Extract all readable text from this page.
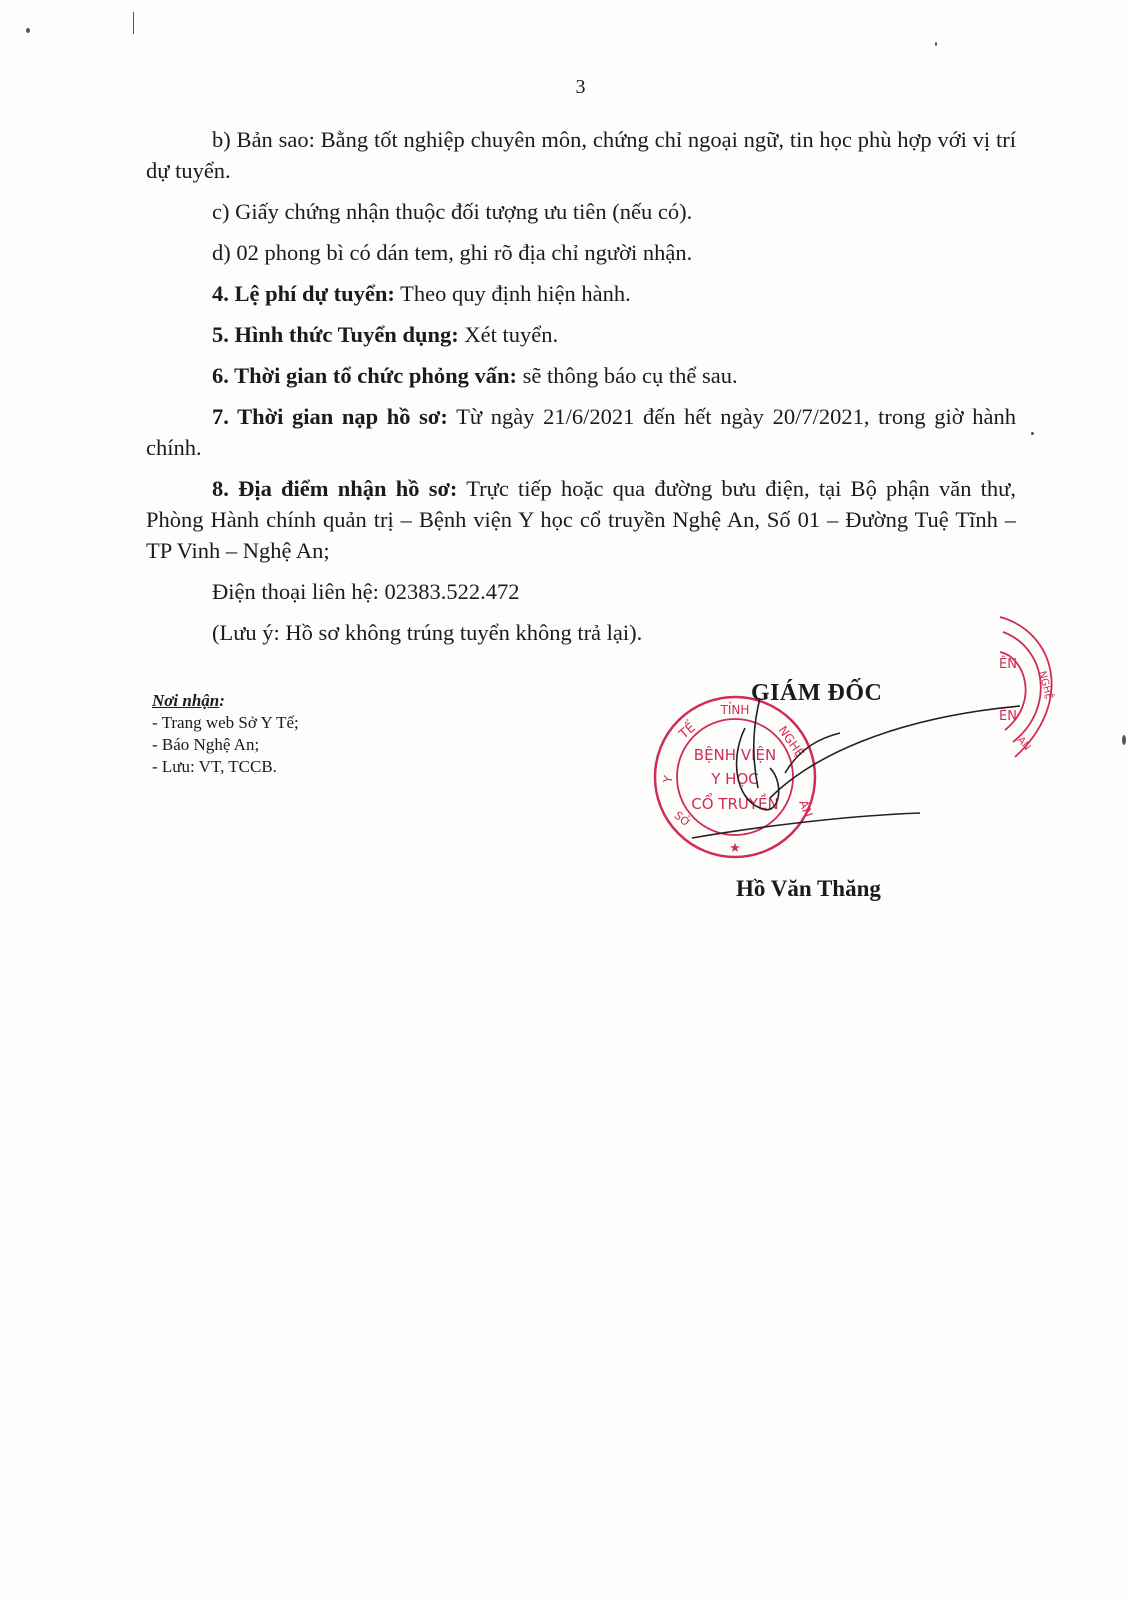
3

b) Bản sao: Bằng tốt nghiệp chuyên môn, chứng chỉ ngoại ngữ, tin học phù hợp với vị trí dự tuyển.

c) Giấy chứng nhận thuộc đối tượng ưu tiên (nếu có).

d) 02 phong bì có dán tem, ghi rõ địa chỉ người nhận.

4. Lệ phí dự tuyển: Theo quy định hiện hành.

5. Hình thức Tuyển dụng: Xét tuyển.

6. Thời gian tổ chức phỏng vấn: sẽ thông báo cụ thể sau.

7. Thời gian nạp hồ sơ: Từ ngày 21/6/2021 đến hết ngày 20/7/2021, trong giờ hành chính.

8. Địa điểm nhận hồ sơ: Trực tiếp hoặc qua đường bưu điện, tại Bộ phận văn thư, Phòng Hành chính quản trị – Bệnh viện Y học cổ truyền Nghệ An, Số 01 – Đường Tuệ Tĩnh – TP Vinh – Nghệ An;

Điện thoại liên hệ: 02383.522.472

(Lưu ý: Hồ sơ không trúng tuyển không trả lại).

Nơi nhận:

- Trang web Sở Y Tế;

- Báo Nghệ An;

- Lưu: VT, TCCB.

TẾ
TỈNH
NGHỆ
Y
AN
SỞ
★
BỆNH VIỆN
Y HỌC
CỔ TRUYỀN
GIÁM ĐỐC
Hồ Văn Thăng
ÊN
ÊN
NGHỆ
AN
